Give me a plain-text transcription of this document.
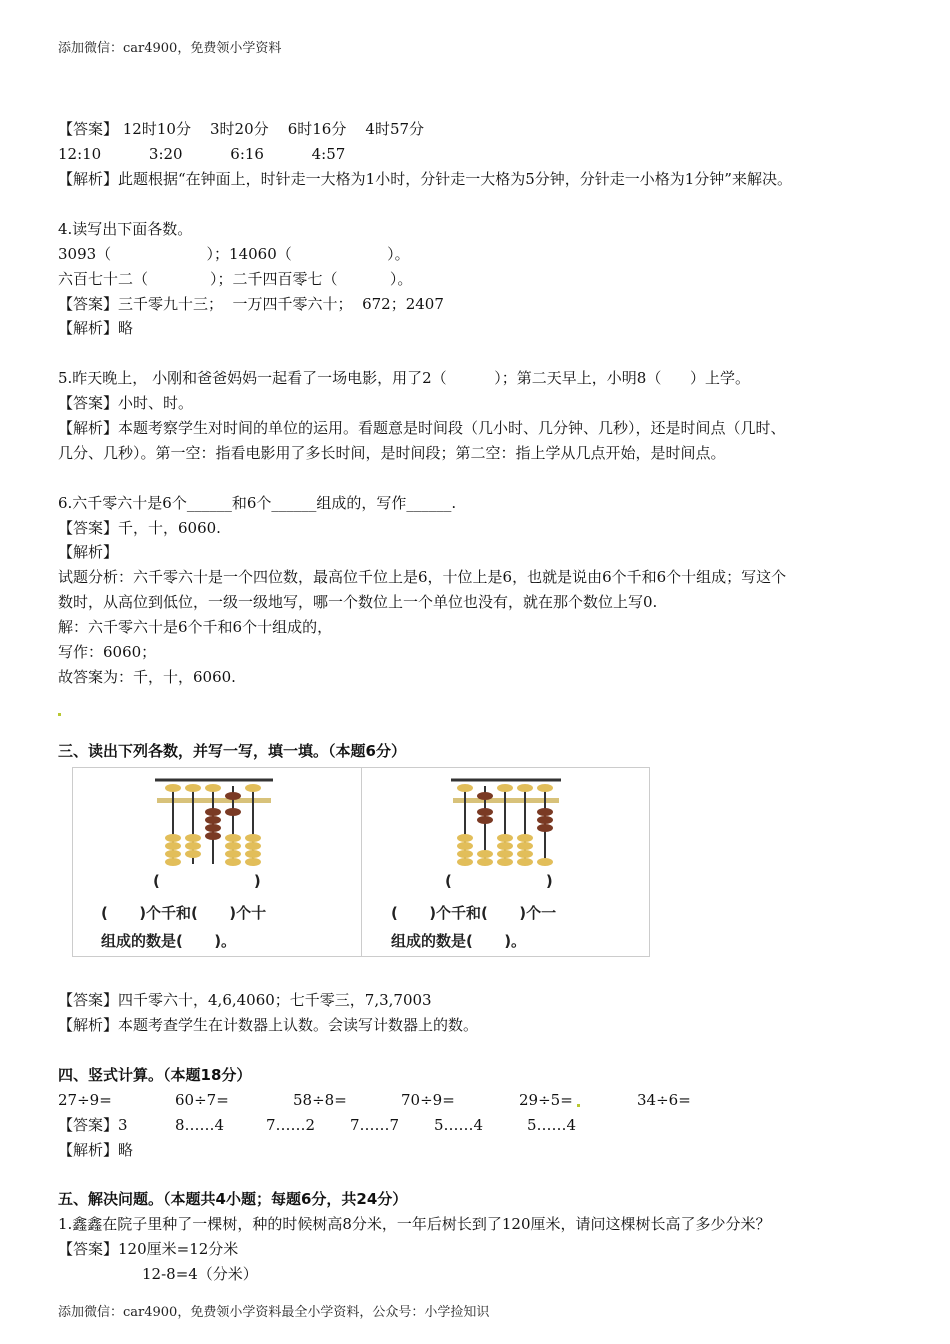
添加微信：car4900，免费领小学资料
【答案】 12时10分    3时20分    6时16分    4时57分
12:10          3:20          6:16          4:57
【解析】此题根据“在钟面上，时针走一大格为1小时，分针走一大格为5分钟，分针走一小格为1分钟”来解决。
4.读写出下面各数。
3093（                    ）；14060（                    ）。
六百七十二（             ）；二千四百零七（           ）。
【答案】三千零九十三；  一万四千零六十；  672；2407
【解析】略
5.昨天晚上， 小刚和爸爸妈妈一起看了一场电影，用了2（          ）；第二天早上，小明8（      ）上学。
【答案】小时、时。
【解析】本题考察学生对时间的单位的运用。看题意是时间段（几小时、几分钟、几秒），还是时间点（几时、
几分、几秒）。第一空：指看电影用了多长时间，是时间段；第二空：指上学从几点开始，是时间点。
6.六千零六十是6个______和6个______组成的，写作______.
【答案】千，十，6060.
【解析】
试题分析：六千零六十是一个四位数，最高位千位上是6，十位上是6，也就是说由6个千和6个十组成；写这个
数时，从高位到低位，一级一级地写，哪一个数位上一个单位也没有，就在那个数位上写0.
解：六千零六十是6个千和6个十组成的，
写作：6060；
故答案为：千，十，6060.
三、读出下列各数，并写一写，填一填。（本题6分）
(                  )
(      )个千和(      )个十
组成的数是(      )。
(                  )
(      )个千和(      )个一
组成的数是(      )。
【答案】四千零六十，4,6,4060；七千零三，7,3,7003
【解析】本题考查学生在计数器上认数。会读写计数器上的数。
四、竖式计算。（本题18分）
27÷9=	60÷7=	58÷8=	70÷9=	29÷5=	34÷6=
【答案】3	8……4	7……2 7……7 5……4	5……4
【解析】略
五、解决问题。（本题共4小题；每题6分，共24分）
1.鑫鑫在院子里种了一棵树，种的时候树高8分米，一年后树长到了120厘米，请问这棵树长高了多少分米？
【答案】120厘米=12分米
12-8=4（分米）
添加微信：car4900，免费领小学资料最全小学资料，公众号：小学捡知识
